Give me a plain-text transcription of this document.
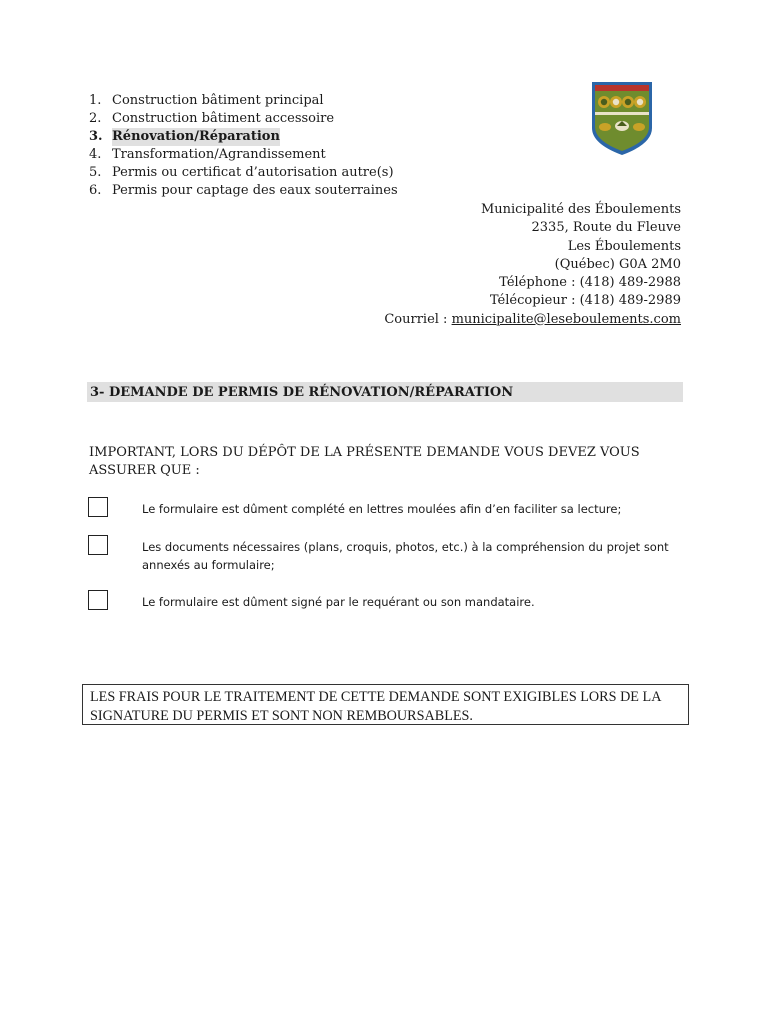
1. Construction bâtiment principal
2. Construction bâtiment accessoire
3. Rénovation/Réparation
4. Transformation/Agrandissement
5. Permis ou certificat d’autorisation autre(s)
6. Permis pour captage des eaux souterraines
Municipalité des Éboulements
2335, Route du Fleuve
Les Éboulements
(Québec) G0A 2M0
Téléphone : (418) 489-2988
Télécopieur : (418) 489-2989
Courriel : municipalite@leseboulements.com
3- DEMANDE DE PERMIS DE RÉNOVATION/RÉPARATION
IMPORTANT, LORS DU DÉPÔT DE LA PRÉSENTE DEMANDE VOUS DEVEZ VOUS ASSURER QUE :
Le formulaire est dûment complété en lettres moulées afin d’en faciliter sa lecture;
Les documents nécessaires (plans, croquis, photos, etc.) à la compréhension du projet sont annexés au formulaire;
Le formulaire est dûment signé par le requérant ou son mandataire.
LES FRAIS POUR LE TRAITEMENT DE CETTE DEMANDE SONT EXIGIBLES LORS DE LA SIGNATURE DU PERMIS ET SONT NON REMBOURSABLES.
